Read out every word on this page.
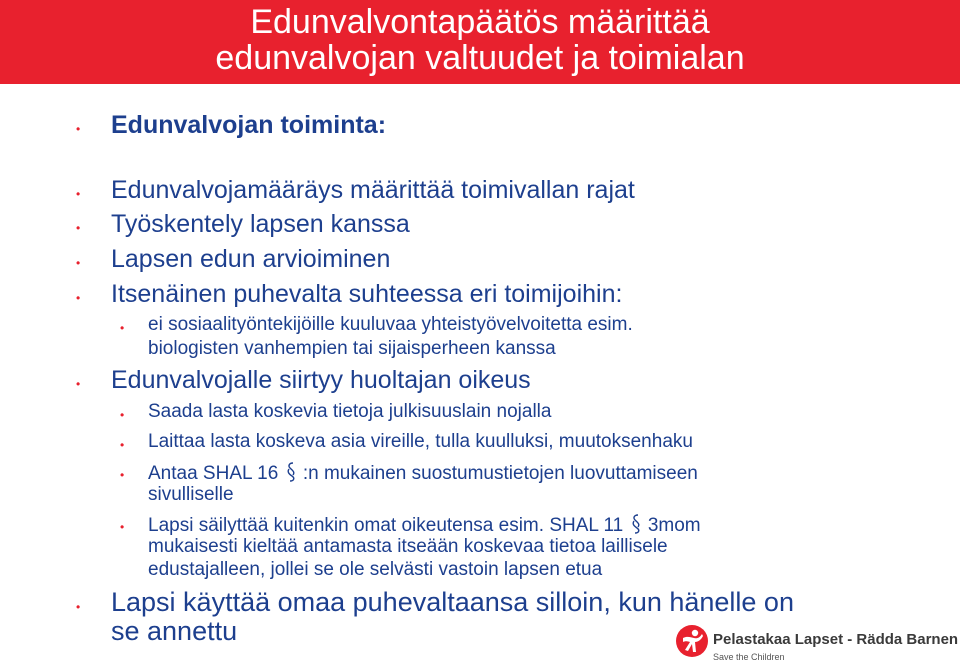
Edunvalvontapäätös määrittää
edunvalvojan valtuudet ja toimialan
• Edunvalvojan toiminta:
• Edunvalvojamääräys määrittää toimivallan rajat
• Työskentely lapsen kanssa
• Lapsen edun arvioiminen
• Itsenäinen puhevalta suhteessa eri toimijoihin:
• ei sosiaalityöntekijöille kuuluvaa yhteistyövelvoitetta esim.
biologisten vanhempien tai sijaisperheen kanssa
• Edunvalvojalle siirtyy huoltajan oikeus
• Saada lasta koskevia tietoja julkisuuslain nojalla
• Laittaa lasta koskeva asia vireille, tulla kuulluksi, muutoksenhaku
• Antaa SHAL 16 :n mukainen suostumustietojen luovuttamiseen
sivulliselle
• Lapsi säilyttää kuitenkin omat oikeutensa esim. SHAL 11 3mom
mukaisesti kieltää antamasta itseään koskevaa tietoa laillisele
edustajalleen, jollei se ole selvästi vastoin lapsen etua
• Lapsi käyttää omaa puhevaltaansa silloin, kun hänelle on
se annettu	Pelastakaa Lapset - Rädda Barnen
Save the Children
